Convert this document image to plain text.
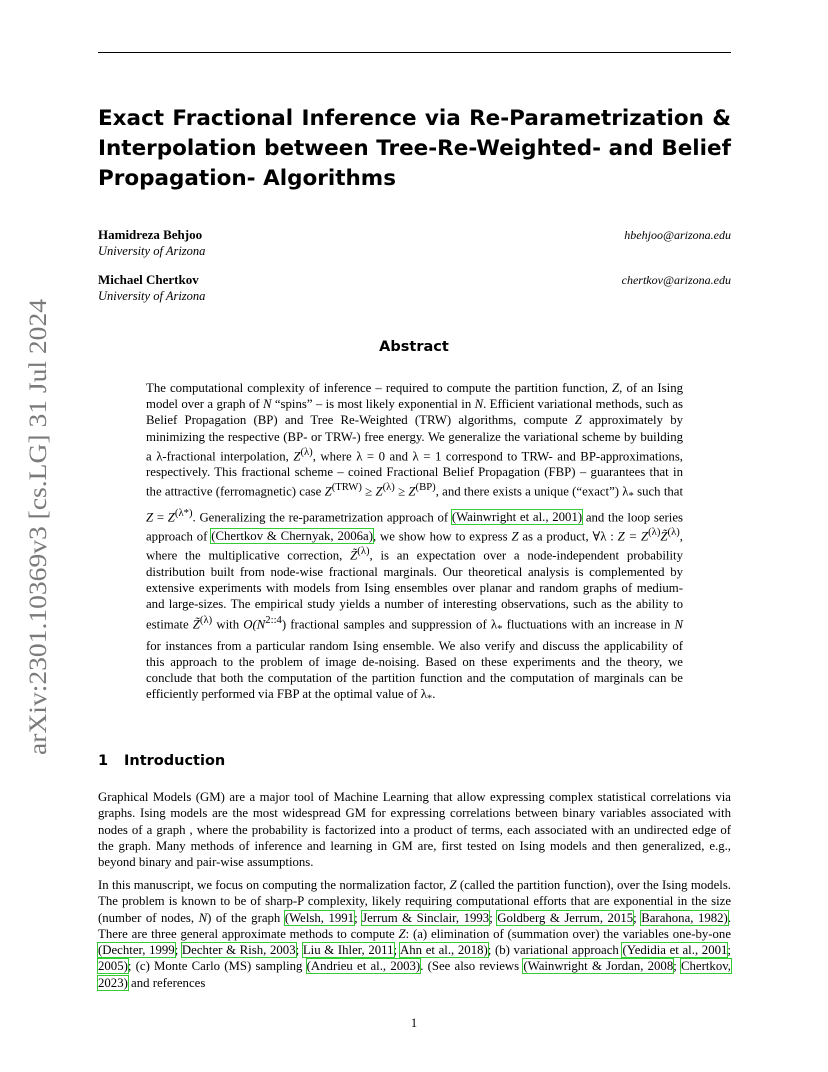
arXiv:2301.10369v3 [cs.LG] 31 Jul 2024
Exact Fractional Inference via Re-Parametrization &
Interpolation between Tree-Re-Weighted- and Belief
Propagation- Algorithms
Hamidreza Behjoo
University of Arizona
hbehjoo@arizona.edu
Michael Chertkov
University of Arizona
chertkov@arizona.edu
Abstract
The computational complexity of inference – required to compute the partition function, Z, of an Ising model over a graph of N “spins” – is most likely exponential in N. Efficient variational methods, such as Belief Propagation (BP) and Tree Re-Weighted (TRW) algorithms, compute Z approximately by minimizing the respective (BP- or TRW-) free energy. We generalize the variational scheme by building a λ-fractional interpolation, $Z^{(\lambda)}$, where λ = 0 and λ = 1 correspond to TRW- and BP-approximations, respectively. This fractional scheme – coined Fractional Belief Propagation (FBP) – guarantees that in the attractive (ferromagnetic) case $Z^{(TRW)} \ge Z^{(\lambda)} \ge Z^{(BP)}$, and there exists a unique (“exact”) $\lambda_*$ such that $Z = Z^{(\lambda*)}$. Generalizing the re-parametrization approach of (Wainwright et al., 2001) and the loop series approach of (Chertkov & Chernyak, 2006a), we show how to express Z as a product, ∀λ : $Z = Z^{(\lambda)}Z̃^{(\lambda)}$, where the multiplicative correction, Z̃$^{(\lambda)}$, is an expectation over a node-independent probability distribution built from node-wise fractional marginals. Our theoretical analysis is complemented by extensive experiments with models from Ising ensembles over planar and random graphs of medium- and large-sizes. The empirical study yields a number of interesting observations, such as the ability to estimate Z̃$^{(\lambda)}$ with $O(N^{2::4})$ fractional samples and suppression of $\lambda_*$ fluctuations with an increase in N for instances from a particular random Ising ensemble. We also verify and discuss the applicability of this approach to the problem of image de-noising. Based on these experiments and the theory, we conclude that both the computation of the partition function and the computation of marginals can be efficiently performed via FBP at the optimal value of $\lambda_*$.
1 Introduction
Graphical Models (GM) are a major tool of Machine Learning that allow expressing complex statistical correlations via graphs. Ising models are the most widespread GM for expressing correlations between binary variables associated with nodes of a graph , where the probability is factorized into a product of terms, each associated with an undirected edge of the graph. Many methods of inference and learning in GM are, first tested on Ising models and then generalized, e.g., beyond binary and pair-wise assumptions.
In this manuscript, we focus on computing the normalization factor, Z (called the partition function), over the Ising models. The problem is known to be of sharp-P complexity, likely requiring computational efforts that are exponential in the size (number of nodes, N) of the graph (Welsh, 1991; Jerrum & Sinclair, 1993; Goldberg & Jerrum, 2015; Barahona, 1982). There are three general approximate methods to compute Z: (a) elimination of (summation over) the variables one-by-one (Dechter, 1999; Dechter & Rish, 2003; Liu & Ihler, 2011; Ahn et al., 2018); (b) variational approach (Yedidia et al., 2001; 2005); (c) Monte Carlo (MS) sampling (Andrieu et al., 2003). (See also reviews (Wainwright & Jordan, 2008; Chertkov, 2023) and references
1
